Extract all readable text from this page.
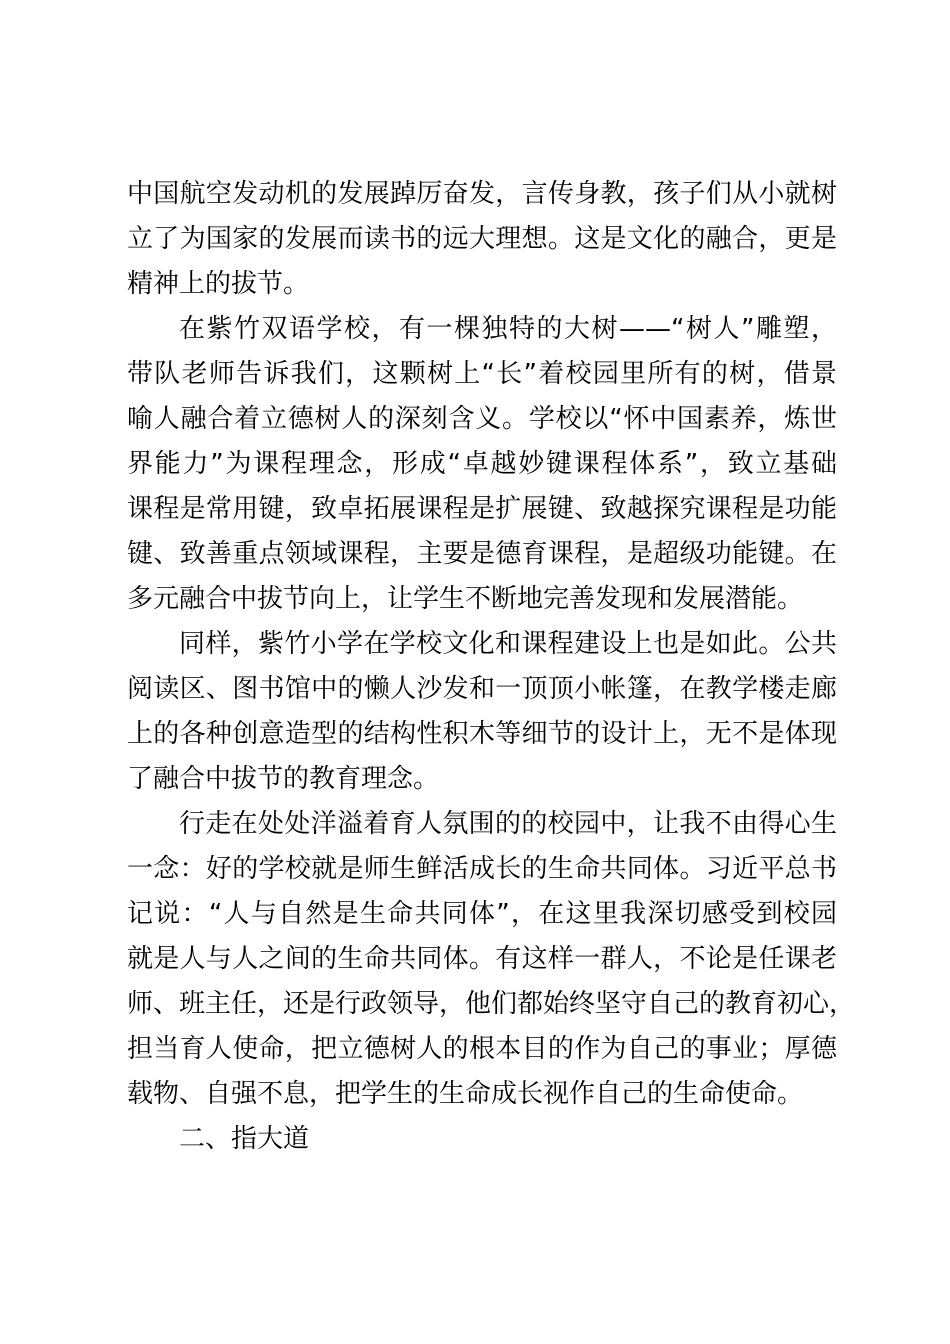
中国航空发动机的发展踔厉奋发，言传身教，孩子们从小就树
立了为国家的发展而读书的远大理想。这是文化的融合，更是
精神上的拔节。
在紫竹双语学校，有一棵独特的大树——“树人”雕塑，
带队老师告诉我们，这颗树上“长”着校园里所有的树，借景
喻人融合着立德树人的深刻含义。学校以“怀中国素养，炼世
界能力”为课程理念，形成“卓越妙键课程体系”，致立基础
课程是常用键，致卓拓展课程是扩展键、致越探究课程是功能
键、致善重点领域课程，主要是德育课程，是超级功能键。在
多元融合中拔节向上，让学生不断地完善发现和发展潜能。
同样，紫竹小学在学校文化和课程建设上也是如此。公共
阅读区、图书馆中的懒人沙发和一顶顶小帐篷，在教学楼走廊
上的各种创意造型的结构性积木等细节的设计上，无不是体现
了融合中拔节的教育理念。
行走在处处洋溢着育人氛围的的校园中，让我不由得心生
一念：好的学校就是师生鲜活成长的生命共同体。习近平总书
记说：“人与自然是生命共同体”，在这里我深切感受到校园
就是人与人之间的生命共同体。有这样一群人，不论是任课老
师、班主任，还是行政领导，他们都始终坚守自己的教育初心，
担当育人使命，把立德树人的根本目的作为自己的事业；厚德
载物、自强不息，把学生的生命成长视作自己的生命使命。
二、指大道
